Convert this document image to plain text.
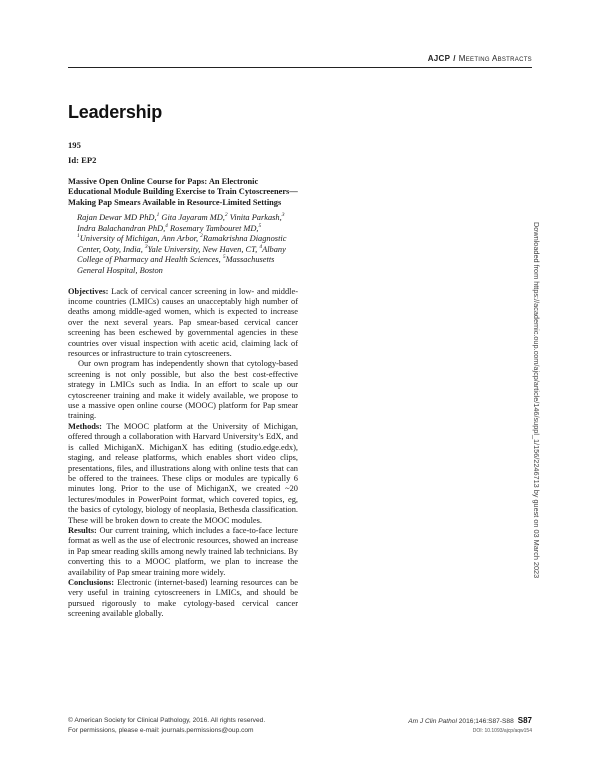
AJCP / Meeting Abstracts
Leadership
195
Id: EP2
Massive Open Online Course for Paps: An Electronic Educational Module Building Exercise to Train Cytoscreeners—Making Pap Smears Available in Resource-Limited Settings
Rajan Dewar MD PhD,$^1$ Gita Jayaram MD,$^2$ Vinita Parkash,$^3$ Indra Balachandran PhD,$^4$ Rosemary Tambouret MD,$^5$ $^1$University of Michigan, Ann Arbor, $^2$Ramakrishna Diagnostic Center, Ooty, India, $^3$Yale University, New Haven, CT, $^4$Albany College of Pharmacy and Health Sciences, $^5$Massachusetts General Hospital, Boston

Objectives: Lack of cervical cancer screening in low- and middle-income countries (LMICs) causes an unacceptably high number of deaths among middle-aged women, which is expected to increase over the next several years. Pap smear-based cervical cancer screening has been eschewed by governmental agencies in these countries over visual inspection with acetic acid, claiming lack of resources or infrastructure to train cytoscreeners.

Our own program has independently shown that cytology-based screening is not only possible, but also the best cost-effective strategy in LMICs such as India. In an effort to scale up our cytoscreener training and make it widely available, we propose to use a massive open online course (MOOC) platform for Pap smear training.

Methods: The MOOC platform at the University of Michigan, offered through a collaboration with Harvard University’s EdX, and is called MichiganX. MichiganX has editing (studio.edge.edx), staging, and release platforms, which enables short video clips, presentations, files, and illustrations along with online tests that can be offered to the trainees. These clips or modules are typically 6 minutes long. Prior to the use of MichiganX, we created ~20 lectures/modules in PowerPoint format, which covered topics, eg, the basics of cytology, biology of neoplasia, Bethesda classification. These will be broken down to create the MOOC modules.

Results: Our current training, which includes a face-to-face lecture format as well as the use of electronic resources, showed an increase in Pap smear reading skills among newly trained lab technicians. By converting this to a MOOC platform, we plan to increase the availability of Pap smear training more widely.

Conclusions: Electronic (internet-based) learning resources can be very useful in training cytoscreeners in LMICs, and should be pursued rigorously to make cytology-based cervical cancer screening available globally.

Downloaded from https://academic.oup.com/ajcp/article/146/suppl_1/156/2246713 by guest on 03 March 2023
© American Society for Clinical Pathology, 2016. All rights reserved.
For permissions, please e-mail: journals.permissions@oup.com
Am J Clin Pathol 2016;146:S87-S88 S87
DOI: 10.1093/ajcp/aqw154
